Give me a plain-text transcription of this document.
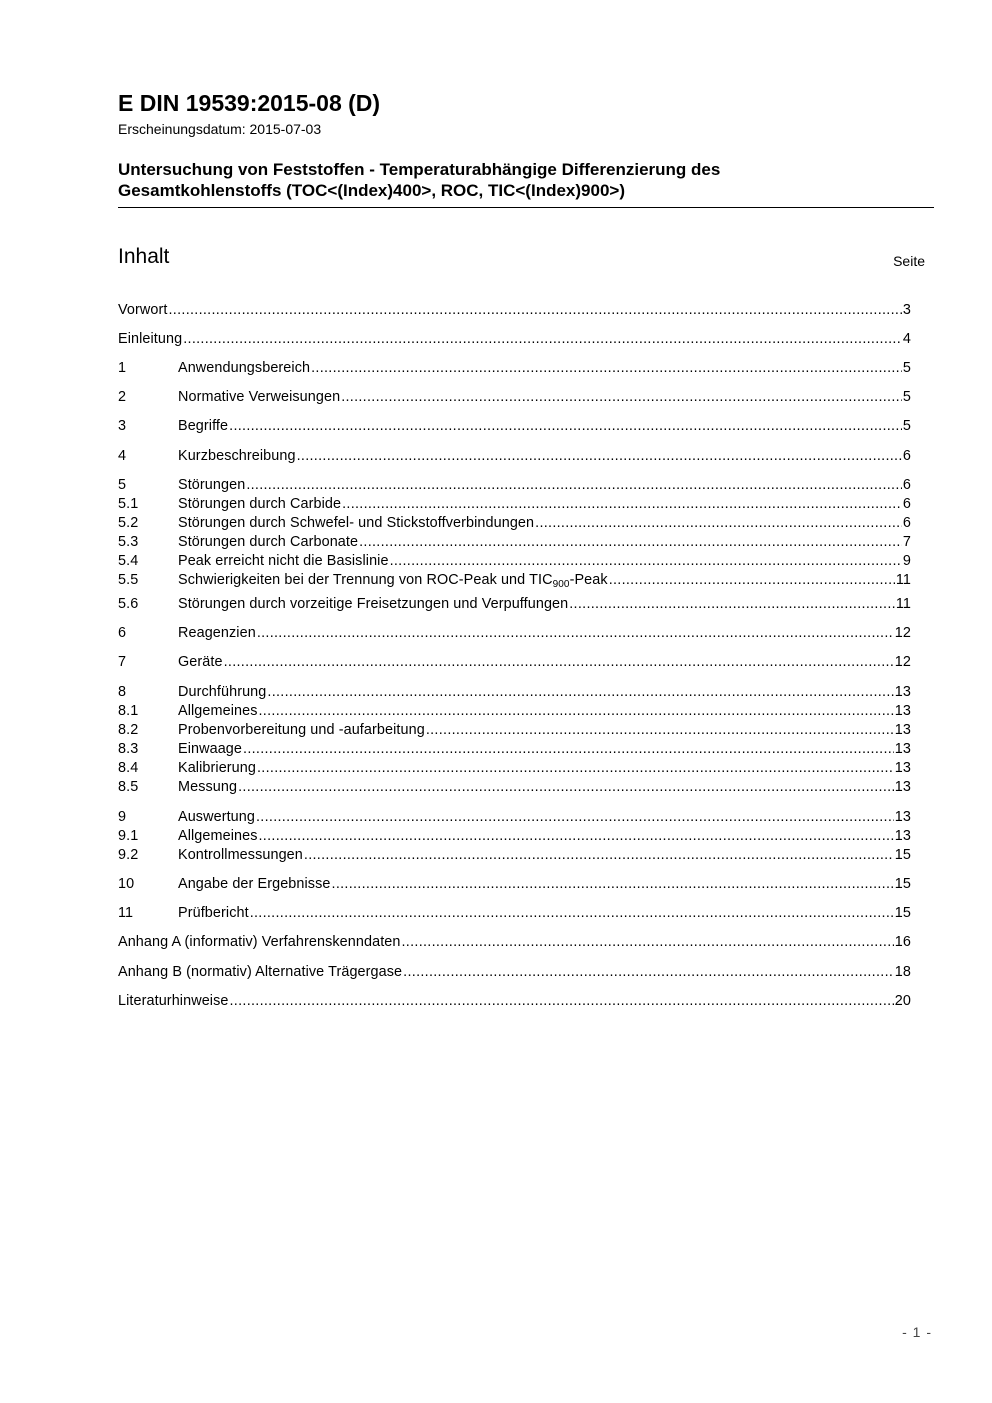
E DIN 19539:2015-08 (D)
Erscheinungsdatum: 2015-07-03
Untersuchung von Feststoffen - Temperaturabhängige Differenzierung des
Gesamtkohlenstoffs (TOC<(Index)400>, ROC, TIC<(Index)900>)
Inhalt	Seite
Vorwort .....	3
Einleitung .....	4
1	Anwendungsbereich .....	5
2	Normative Verweisungen .....	5
3	Begriffe .....	5
4	Kurzbeschreibung .....	6
5	Störungen .....	6
5.1	Störungen durch Carbide .....	6
5.2	Störungen durch Schwefel- und Stickstoffverbindungen .....	6
5.3	Störungen durch Carbonate .....	7
5.4	Peak erreicht nicht die Basislinie .....	9
5.5	Schwierigkeiten bei der Trennung von ROC-Peak und $TIC_{900}$-Peak .....	11
5.6	Störungen durch vorzeitige Freisetzungen und Verpuffungen .....	11
6	Reagenzien .....	12
7	Geräte .....	12
8	Durchführung .....	13
8.1	Allgemeines .....	13
8.2	Probenvorbereitung und -aufarbeitung .....	13
8.3	Einwaage .....	13
8.4	Kalibrierung .....	13
8.5	Messung .....	13
9	Auswertung .....	13
9.1	Allgemeines .....	13
9.2	Kontrollmessungen .....	15
10	Angabe der Ergebnisse .....	15
11	Prüfbericht .....	15
Anhang A (informativ) Verfahrenskenndaten .....	16
Anhang B (normativ) Alternative Trägergase .....	18
Literaturhinweise .....	20
- 1 -
